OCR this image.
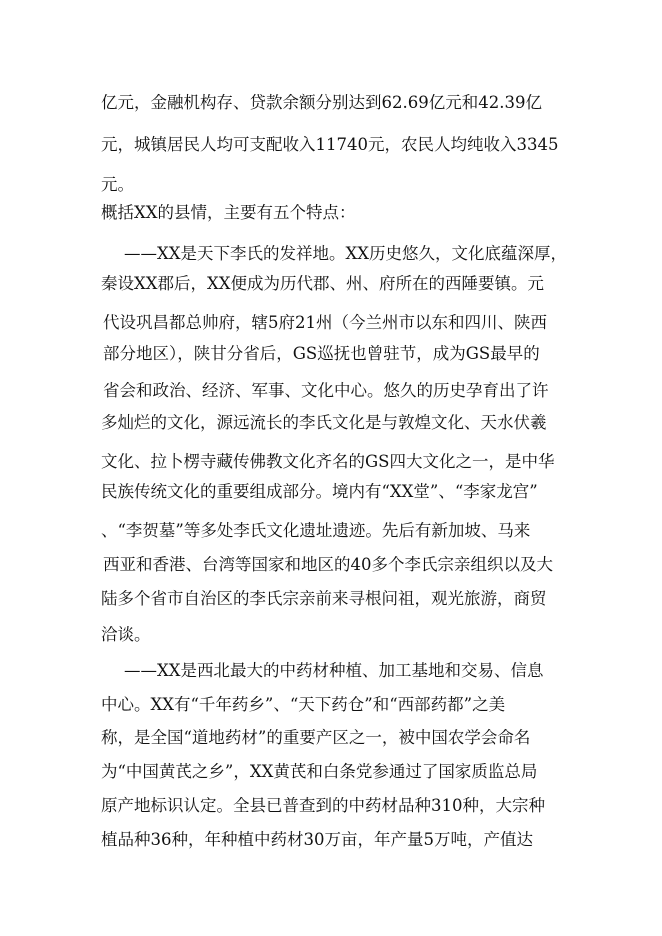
亿元，金融机构存、贷款余额分别达到62.69亿元和42.39亿
元，城镇居民人均可支配收入11740元，农民人均纯收入3345
元。
概括XX的县情，主要有五个特点：
——XX是天下李氏的发祥地。XX历史悠久，文化底蕴深厚，
秦设XX郡后，XX便成为历代郡、州、府所在的西陲要镇。元
代设巩昌都总帅府，辖5府21州（今兰州市以东和四川、陕西
部分地区），陕甘分省后，GS巡抚也曾驻节，成为GS最早的
省会和政治、经济、军事、文化中心。悠久的历史孕育出了许
多灿烂的文化，源远流长的李氏文化是与敦煌文化、天水伏羲
文化、拉卜楞寺藏传佛教文化齐名的GS四大文化之一，是中华
民族传统文化的重要组成部分。境内有“XX堂”、“李家龙宫”
、“李贺墓”等多处李氏文化遗址遗迹。先后有新加坡、马来
西亚和香港、台湾等国家和地区的40多个李氏宗亲组织以及大
陆多个省市自治区的李氏宗亲前来寻根问祖，观光旅游，商贸
洽谈。
——XX是西北最大的中药材种植、加工基地和交易、信息
中心。XX有“千年药乡”、“天下药仓”和“西部药都”之美
称，是全国“道地药材”的重要产区之一，被中国农学会命名
为“中国黄芪之乡”，XX黄芪和白条党参通过了国家质监总局
原产地标识认定。全县已普查到的中药材品种310种，大宗种
植品种36种，年种植中药材30万亩，年产量5万吨，产值达
